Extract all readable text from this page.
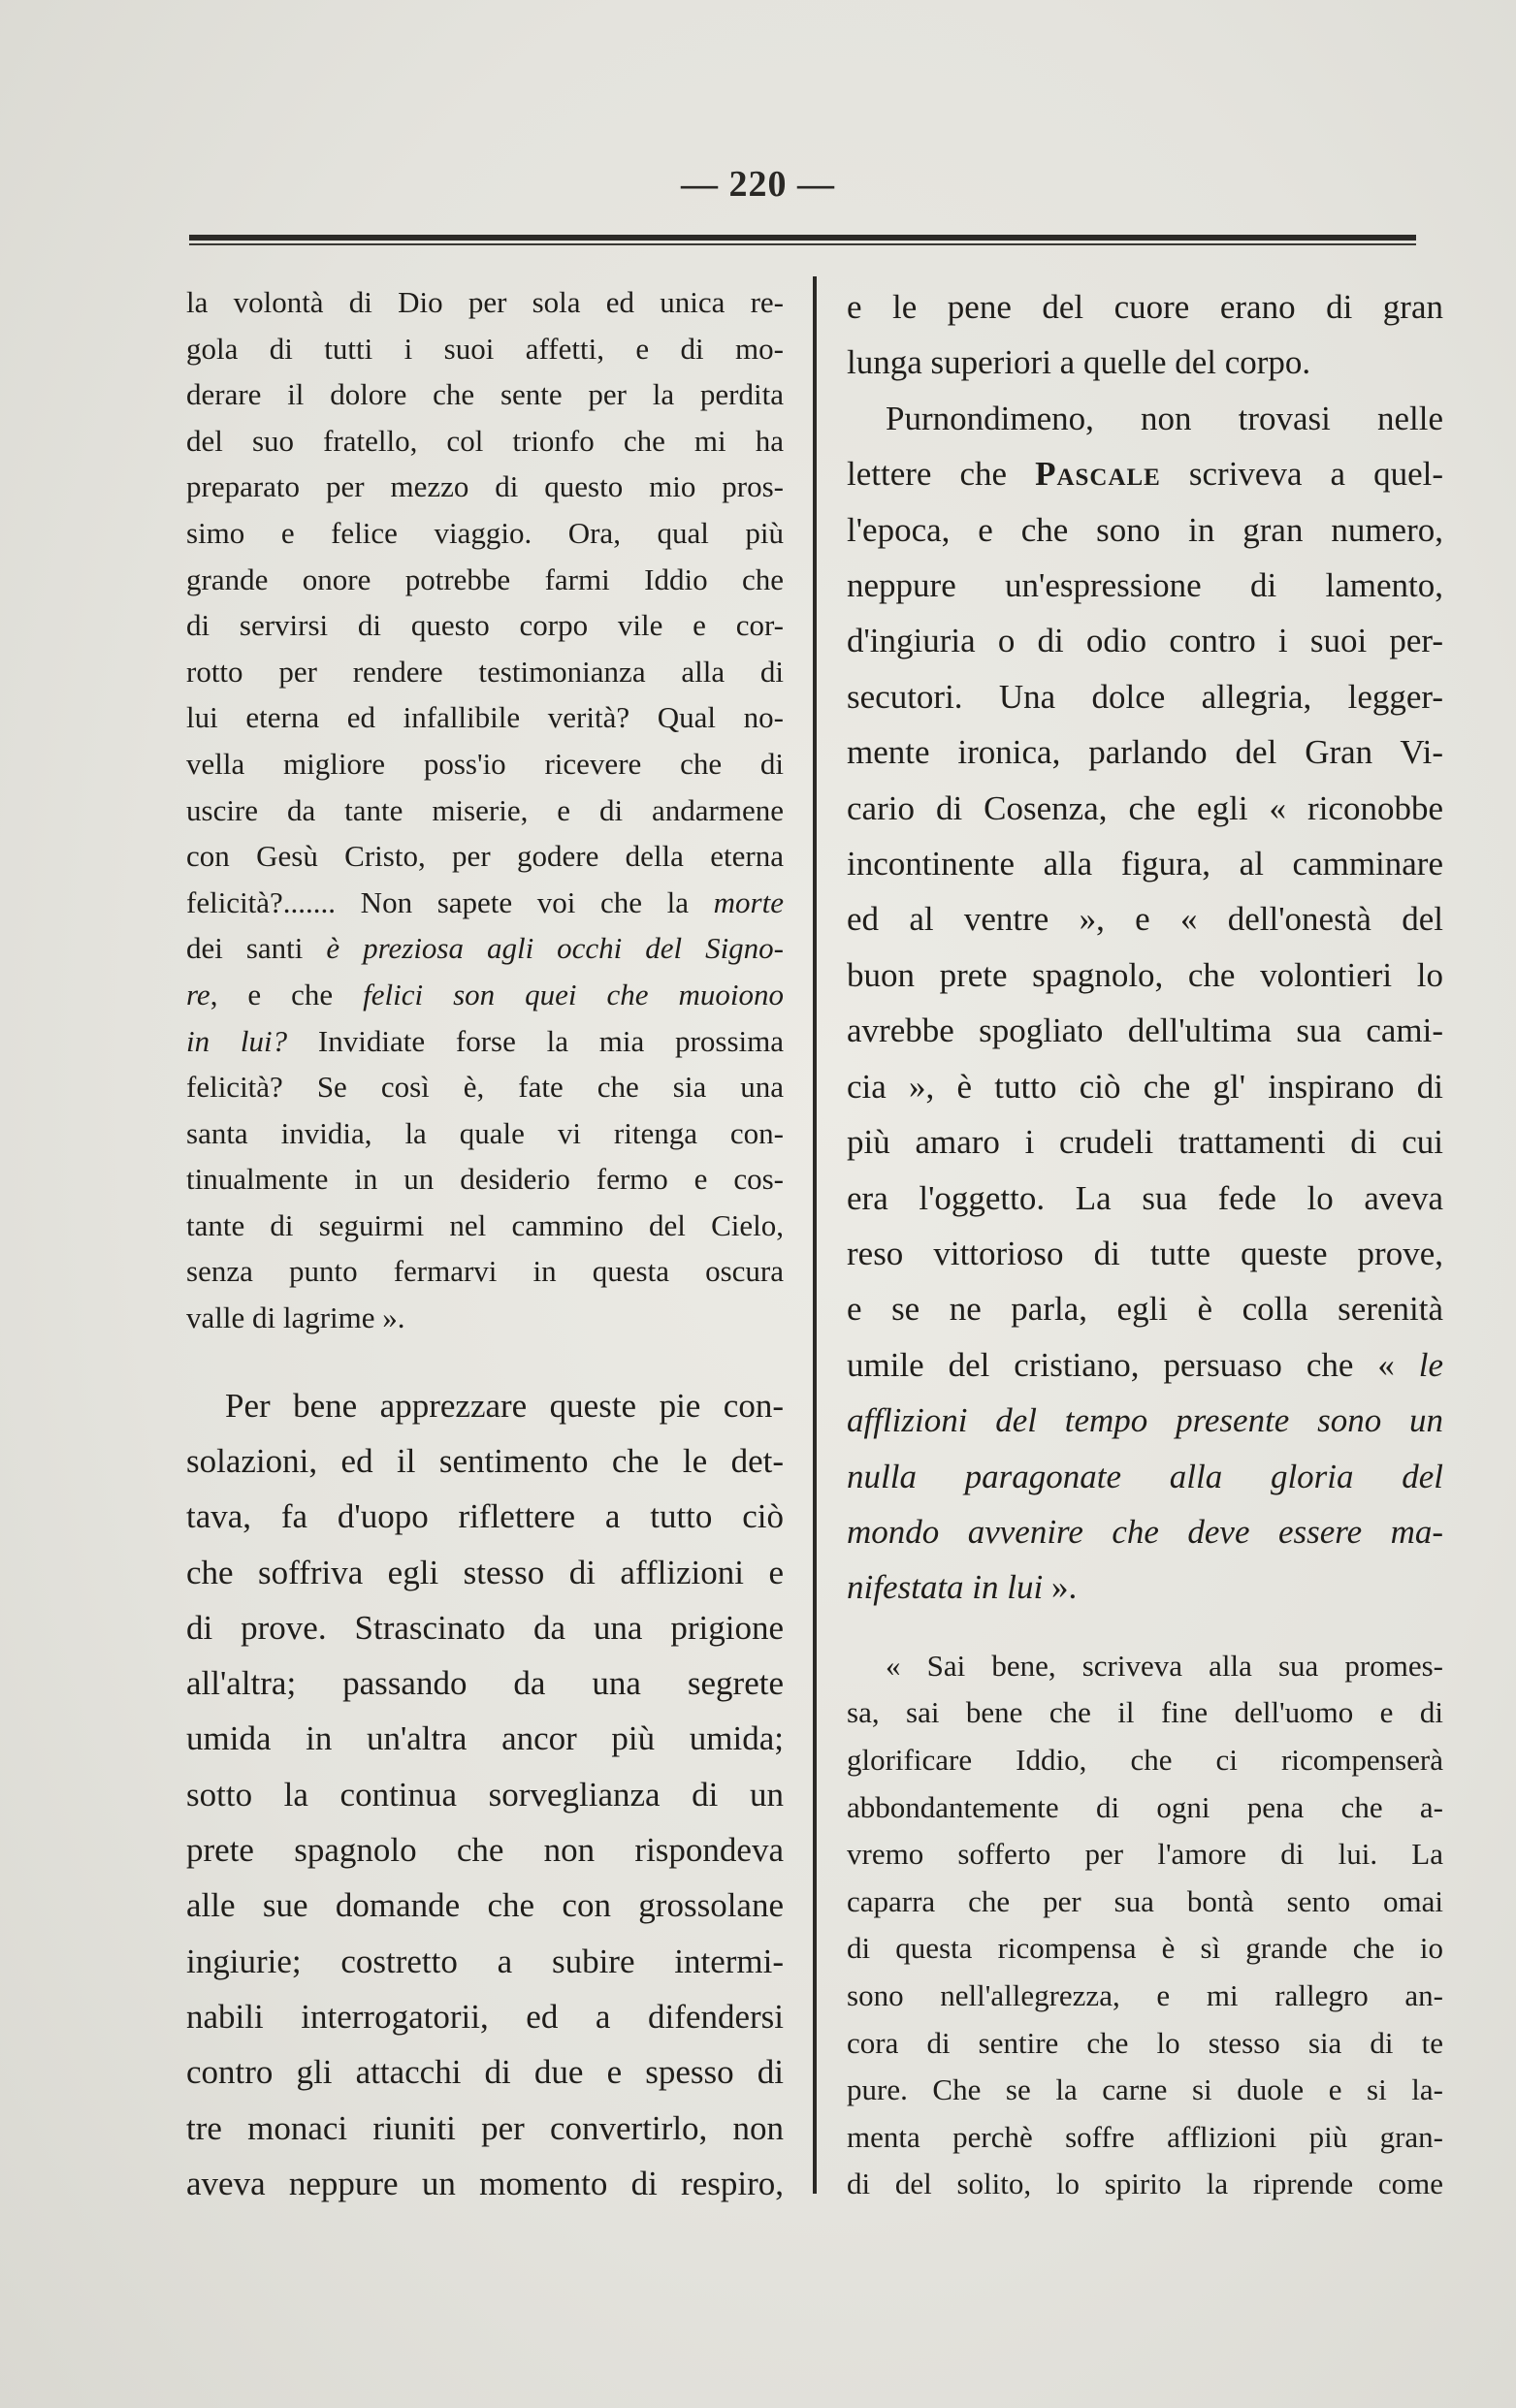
— 220 —
la volontà di Dio per sola ed unica re-
gola di tutti i suoi affetti, e di mo-
derare il dolore che sente per la perdita
del suo fratello, col trionfo che mi ha
preparato per mezzo di questo mio pros-
simo e felice viaggio. Ora, qual più
grande onore potrebbe farmi Iddio che
di servirsi di questo corpo vile e cor-
rotto per rendere testimonianza alla di
lui eterna ed infallibile verità? Qual no-
vella migliore poss'io ricevere che di
uscire da tante miserie, e di andarmene
con Gesù Cristo, per godere della eterna
felicità?....... Non sapete voi che la morte
dei santi è preziosa agli occhi del Signo-
re, e che felici son quei che muoiono
in lui? Invidiate forse la mia prossima
felicità? Se così è, fate che sia una
santa invidia, la quale vi ritenga con-
tinualmente in un desiderio fermo e cos-
tante di seguirmi nel cammino del Cielo,
senza punto fermarvi in questa oscura
valle di lagrime ».
Per bene apprezzare queste pie con-
solazioni, ed il sentimento che le det-
tava, fa d'uopo riflettere a tutto ciò
che soffriva egli stesso di afflizioni e
di prove. Strascinato da una prigione
all'altra; passando da una segrete
umida in un'altra ancor più umida;
sotto la continua sorveglianza di un
prete spagnolo che non rispondeva
alle sue domande che con grossolane
ingiurie; costretto a subire intermi-
nabili interrogatorii, ed a difendersi
contro gli attacchi di due e spesso di
tre monaci riuniti per convertirlo, non
aveva neppure un momento di respiro,
e le pene del cuore erano di gran
lunga superiori a quelle del corpo.
Purnondimeno, non trovasi nelle
lettere che Pascale scriveva a quel-
l'epoca, e che sono in gran numero,
neppure un'espressione di lamento,
d'ingiuria o di odio contro i suoi per-
secutori. Una dolce allegria, legger-
mente ironica, parlando del Gran Vi-
cario di Cosenza, che egli « riconobbe
incontinente alla figura, al camminare
ed al ventre », e « dell'onestà del
buon prete spagnolo, che volontieri lo
avrebbe spogliato dell'ultima sua cami-
cia », è tutto ciò che gl' inspirano di
più amaro i crudeli trattamenti di cui
era l'oggetto. La sua fede lo aveva
reso vittorioso di tutte queste prove,
e se ne parla, egli è colla serenità
umile del cristiano, persuaso che « le
afflizioni del tempo presente sono un
nulla paragonate alla gloria del
mondo avvenire che deve essere ma-
nifestata in lui ».
« Sai bene, scriveva alla sua promes-
sa, sai bene che il fine dell'uomo e di
glorificare Iddio, che ci ricompenserà
abbondantemente di ogni pena che a-
vremo sofferto per l'amore di lui. La
caparra che per sua bontà sento omai
di questa ricompensa è sì grande che io
sono nell'allegrezza, e mi rallegro an-
cora di sentire che lo stesso sia di te
pure. Che se la carne si duole e si la-
menta perchè soffre afflizioni più gran-
di del solito, lo spirito la riprende come
